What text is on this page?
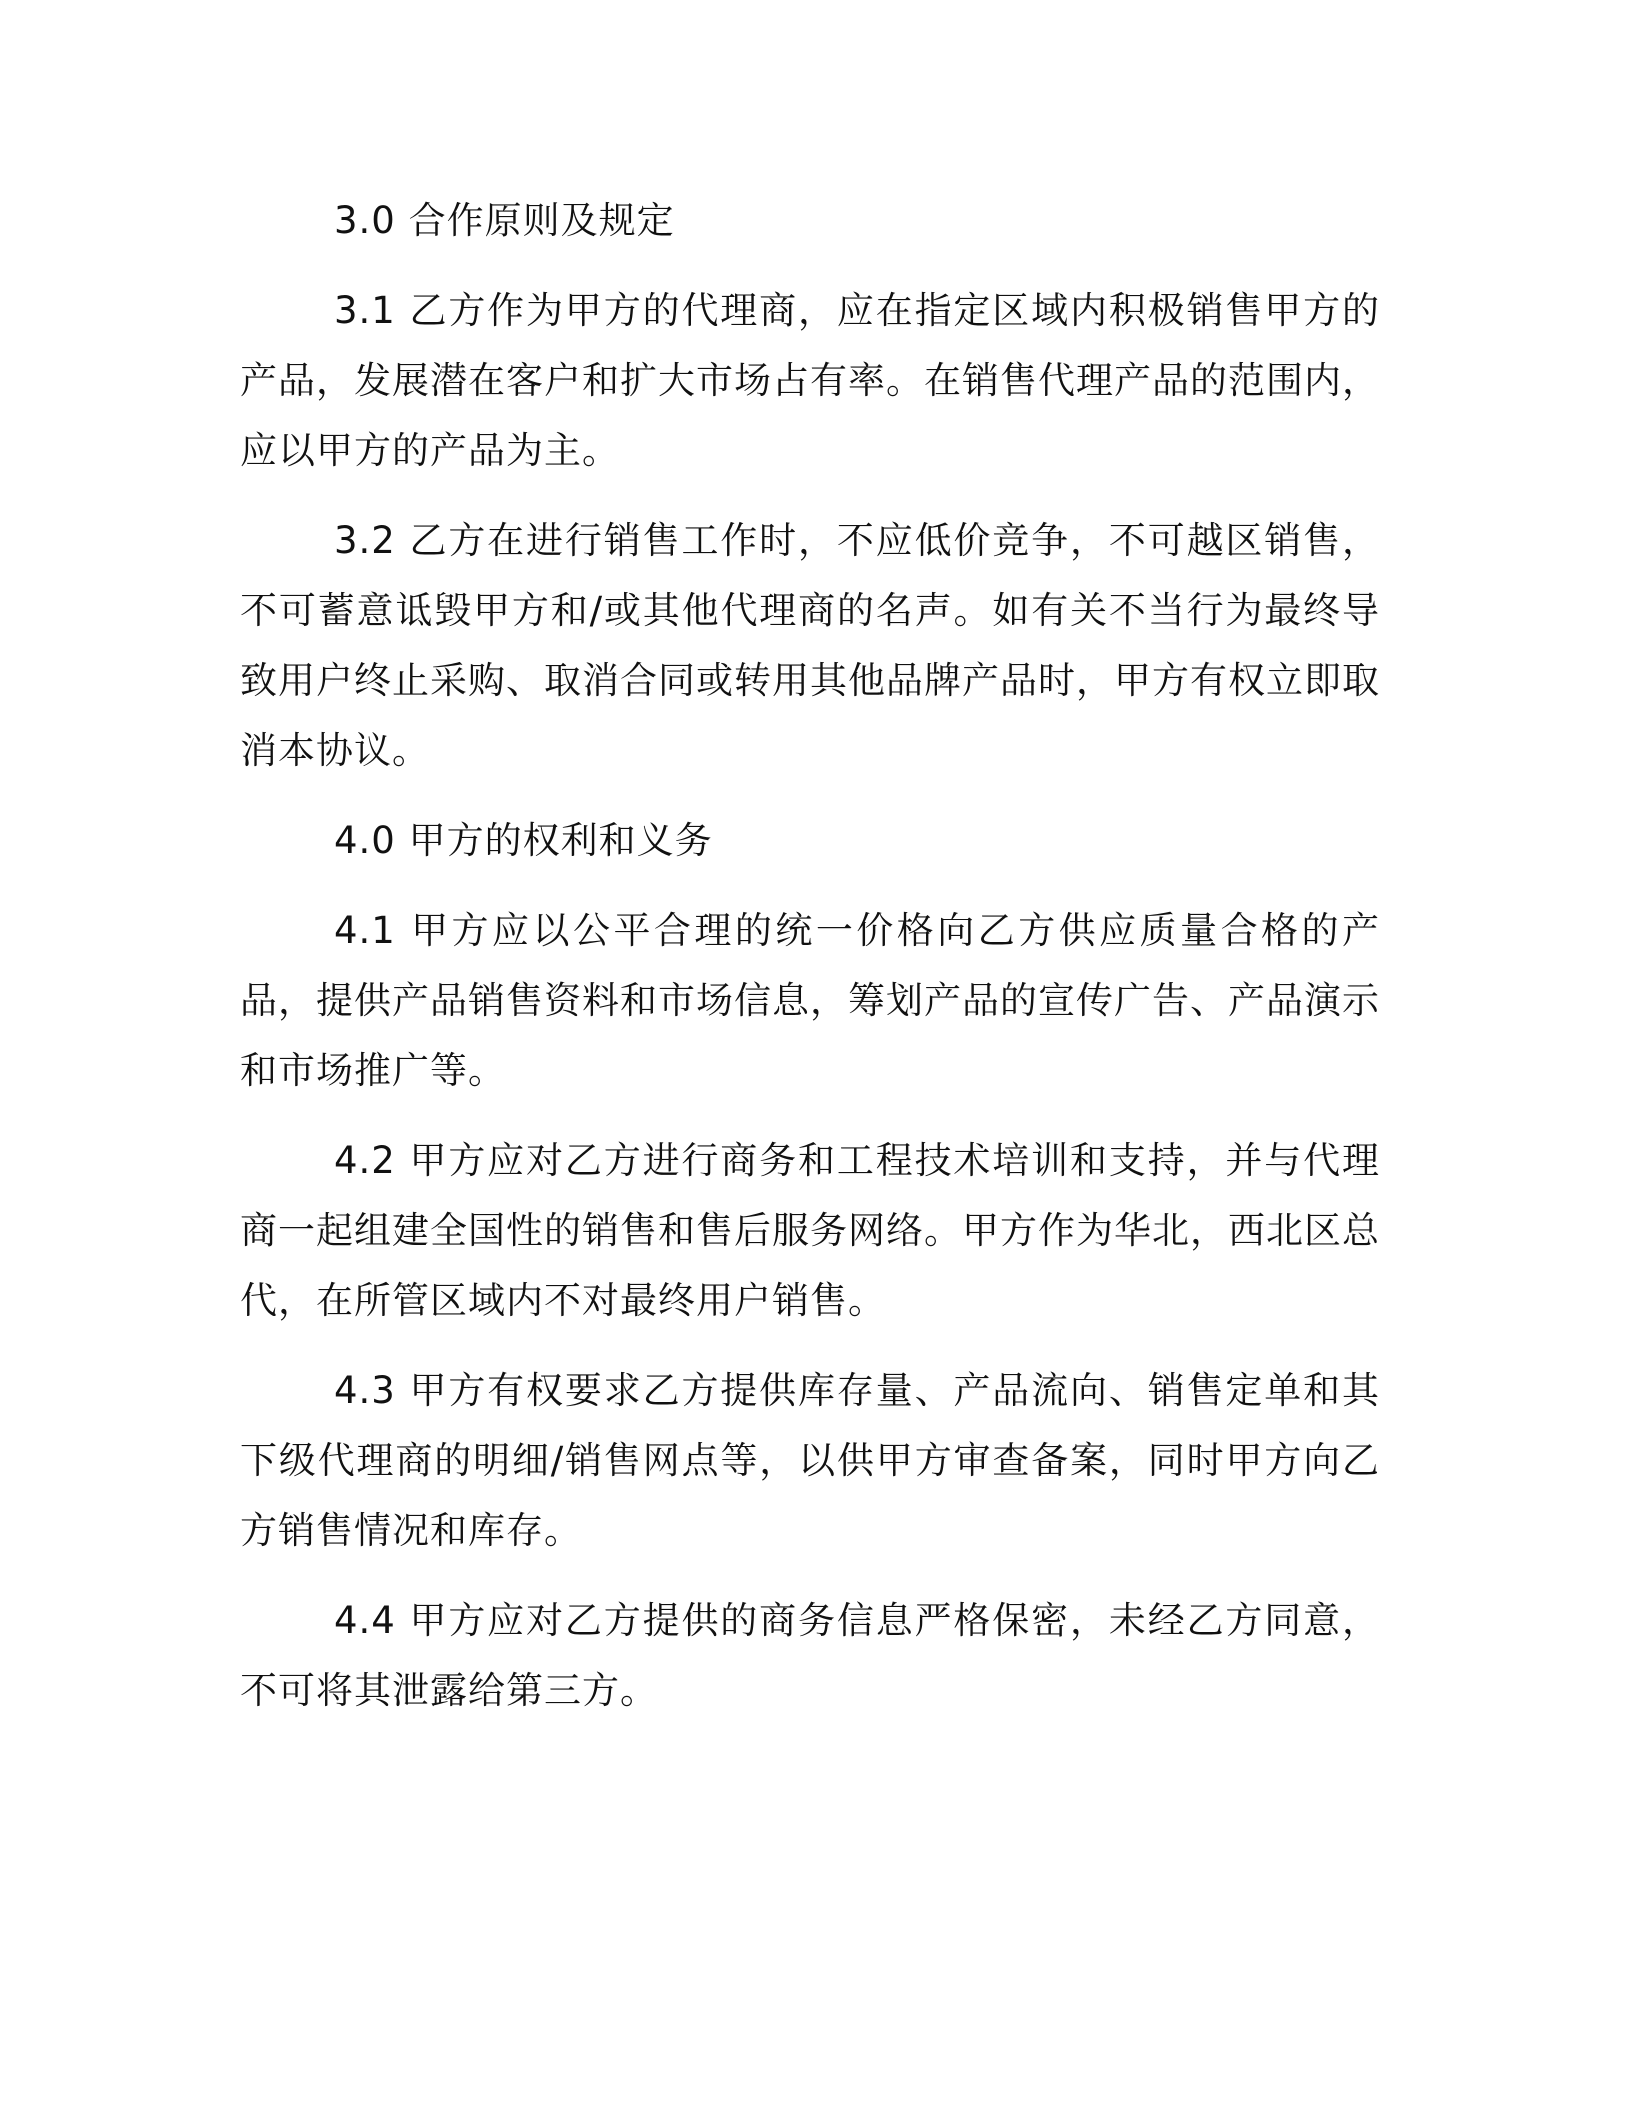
3.0 合作原则及规定

3.1 乙方作为甲方的代理商，应在指定区域内积极销售甲方的产品，发展潜在客户和扩大市场占有率。在销售代理产品的范围内，应以甲方的产品为主。

3.2 乙方在进行销售工作时，不应低价竞争，不可越区销售，不可蓄意诋毁甲方和/或其他代理商的名声。如有关不当行为最终导致用户终止采购、取消合同或转用其他品牌产品时，甲方有权立即取消本协议。

4.0 甲方的权利和义务

4.1 甲方应以公平合理的统一价格向乙方供应质量合格的产品，提供产品销售资料和市场信息，筹划产品的宣传广告、产品演示和市场推广等。

4.2 甲方应对乙方进行商务和工程技术培训和支持，并与代理商一起组建全国性的销售和售后服务网络。甲方作为华北，西北区总代，在所管区域内不对最终用户销售。

4.3 甲方有权要求乙方提供库存量、产品流向、销售定单和其下级代理商的明细/销售网点等，以供甲方审查备案，同时甲方向乙方销售情况和库存。

4.4 甲方应对乙方提供的商务信息严格保密，未经乙方同意，不可将其泄露给第三方。
